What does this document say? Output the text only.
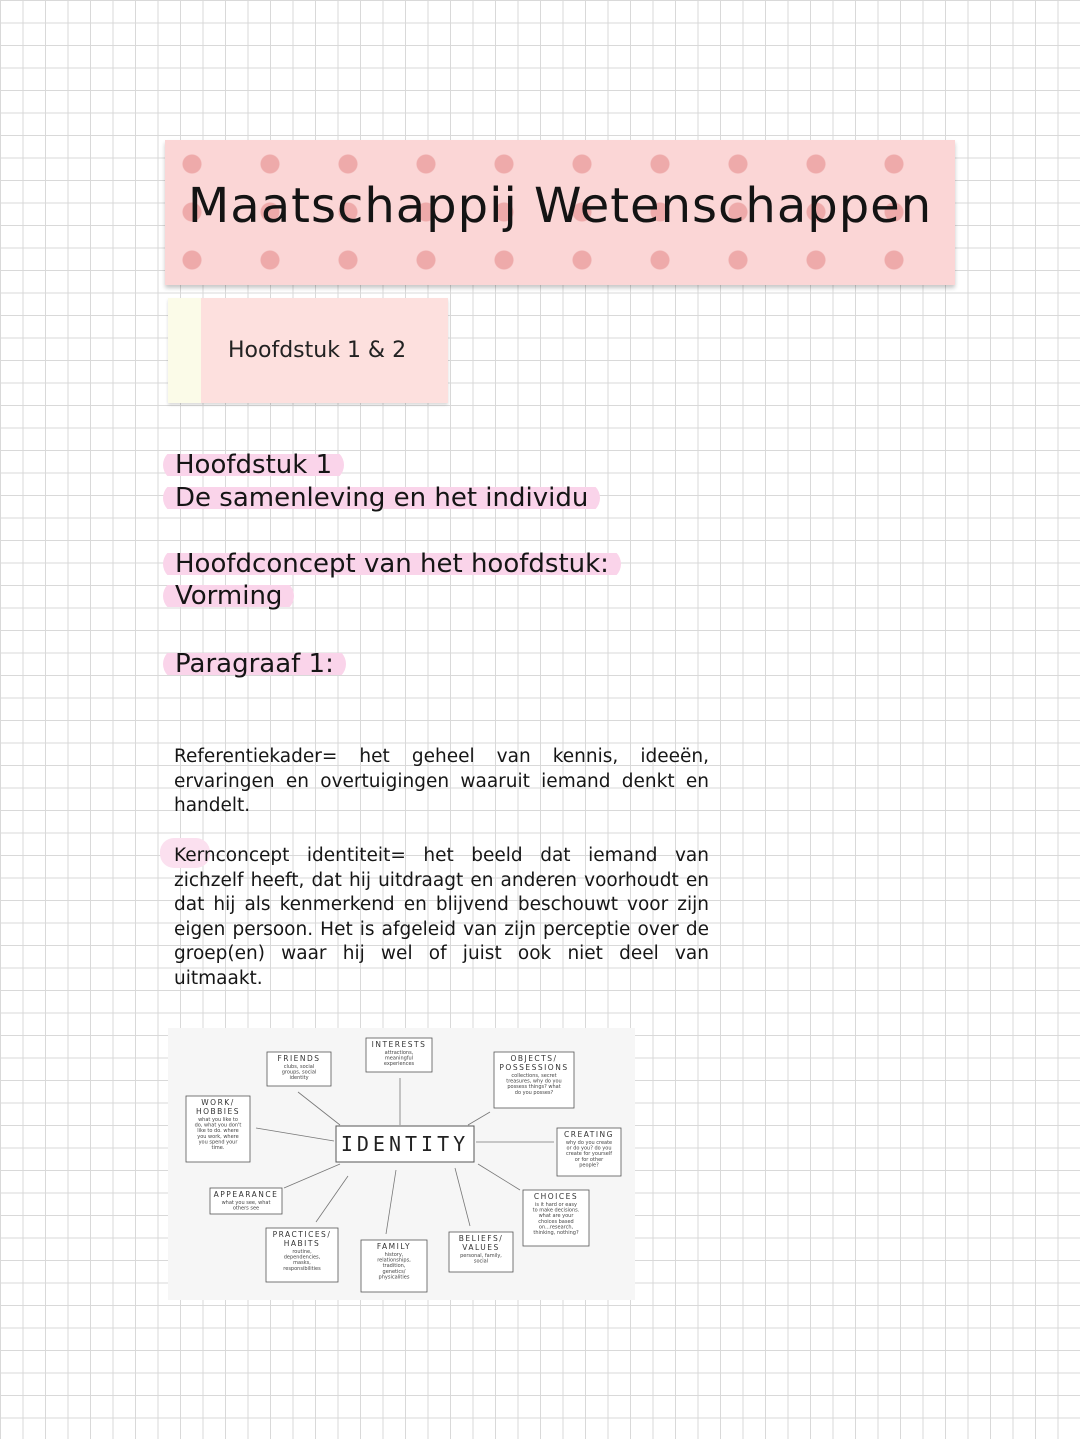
Maatschappij Wetenschappen
Hoofdstuk 1 & 2
Hoofdstuk 1
De samenleving en het individu
Hoofdconcept van het hoofdstuk:
Vorming
Paragraaf 1:
Referentiekader= het geheel van kennis, ideeën, ervaringen en overtuigingen waaruit iemand denkt en handelt.
Kernconcept identiteit= het beeld dat iemand van zichzelf heeft, dat hij uitdraagt en anderen voorhoudt en dat hij als kenmerkend en blijvend beschouwt voor zijn eigen persoon. Het is afgeleid van zijn perceptie over de groep(en) waar hij wel of juist ook niet deel van uitmaakt.
FRIENDS
clubs, social
groups, social
identity
INTERESTS
attractions,
meaningful
experiences
OBJECTS/
POSSESSIONS
collections, secret
treasures, why do you
possess things? what
do you posses?
WORK/
HOBBIES
what you like to
do, what you don't
like to do. where
you work, where
you spend your
time.
CREATING
why do you create
or do you? do you
create for yourself
or for other
people?
APPEARANCE
what you see, what
others see
CHOICES
is it hard or easy
to make decisions.
what are your
choices based
on...research,
thinking, nothing?
PRACTICES/
HABITS
routine,
dependencies,
masks,
responsibilities
FAMILY
history,
relationships,
tradition,
genetics/
physicalities
BELIEFS/
VALUES
personal, family,
social
IDENTITY
